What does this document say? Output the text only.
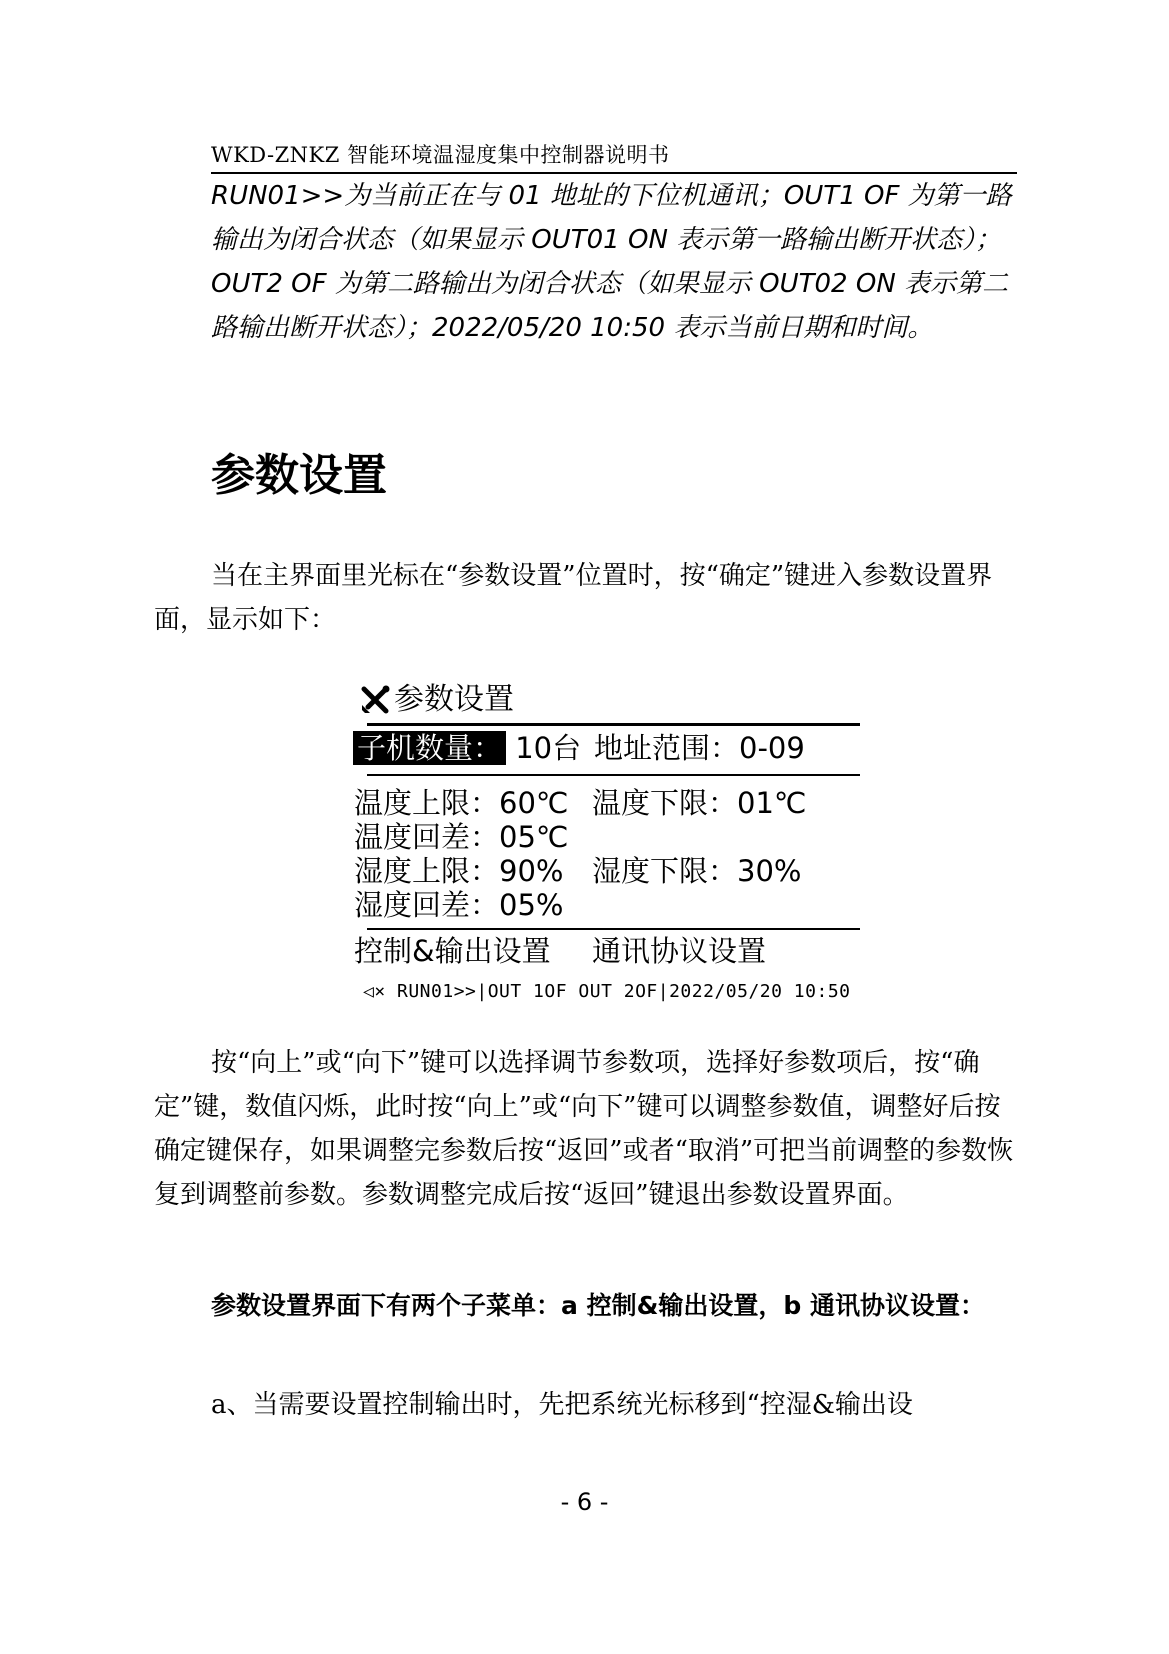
WKD-ZNKZ 智能环境温湿度集中控制器说明书

RUN01>>为当前正在与 01 地址的下位机通讯；OUT1 OF 为第一路输出为闭合状态（如果显示 OUT01 ON 表示第一路输出断开状态）；OUT2 OF 为第二路输出为闭合状态（如果显示 OUT02 ON 表示第二路输出断开状态）；2022/05/20 10:50 表示当前日期和时间。

参数设置

当在主界面里光标在“参数设置”位置时，按“确定”键进入参数设置界面，显示如下：

参数设置
子机数量： 10台 地址范围：0-09
温度上限：60℃ 温度下限：01℃
温度回差：05℃
湿度上限：90% 湿度下限：30%
湿度回差：05%
控制&输出设置 通讯协议设置
◁× RUN01>>|OUT 1OF OUT 2OF|2022/05/20 10:50

按“向上”或“向下”键可以选择调节参数项，选择好参数项后，按“确定”键，数值闪烁，此时按“向上”或“向下”键可以调整参数值，调整好后按确定键保存，如果调整完参数后按“返回”或者“取消”可把当前调整的参数恢复到调整前参数。参数调整完成后按“返回”键退出参数设置界面。

参数设置界面下有两个子菜单：a 控制&输出设置，b 通讯协议设置：

a、当需要设置控制输出时，先把系统光标移到“控湿&输出设

- 6 -
